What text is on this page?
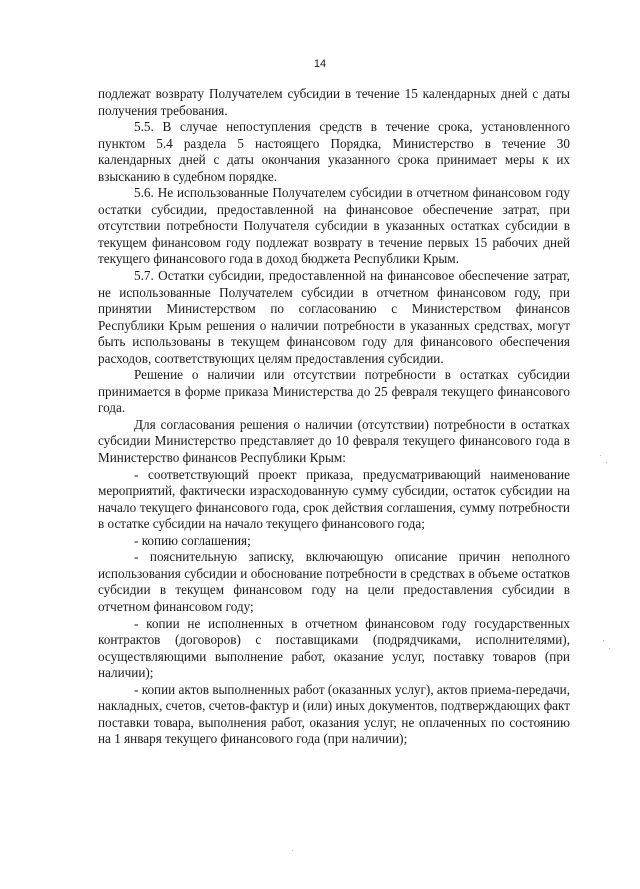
14

подлежат возврату Получателем субсидии в течение 15 календарных дней с даты получения требования.

5.5. В случае непоступления средств в течение срока, установленного пунктом 5.4 раздела 5 настоящего Порядка, Министерство в течение 30 календарных дней с даты окончания указанного срока принимает меры к их взысканию в судебном порядке.

5.6. Не использованные Получателем субсидии в отчетном финансовом году остатки субсидии, предоставленной на финансовое обеспечение затрат, при отсутствии потребности Получателя субсидии в указанных остатках субсидии в текущем финансовом году подлежат возврату в течение первых 15 рабочих дней текущего финансового года в доход бюджета Республики Крым.

5.7. Остатки субсидии, предоставленной на финансовое обеспечение затрат, не использованные Получателем субсидии в отчетном финансовом году, при принятии Министерством по согласованию с Министерством финансов Республики Крым решения о наличии потребности в указанных средствах, могут быть использованы в текущем финансовом году для финансового обеспечения расходов, соответствующих целям предоставления субсидии.

Решение о наличии или отсутствии потребности в остатках субсидии принимается в форме приказа Министерства до 25 февраля текущего финансового года.

Для согласования решения о наличии (отсутствии) потребности в остатках субсидии Министерство представляет до 10 февраля текущего финансового года в Министерство финансов Республики Крым:

- соответствующий проект приказа, предусматривающий наименование мероприятий, фактически израсходованную сумму субсидии, остаток субсидии на начало текущего финансового года, срок действия соглашения, сумму потребности в остатке субсидии на начало текущего финансового года;

- копию соглашения;

- пояснительную записку, включающую описание причин неполного использования субсидии и обоснование потребности в средствах в объеме остатков субсидии в текущем финансовом году на цели предоставления субсидии в отчетном финансовом году;

- копии не исполненных в отчетном финансовом году государственных контрактов (договоров) с поставщиками (подрядчиками, исполнителями), осуществляющими выполнение работ, оказание услуг, поставку товаров (при наличии);

- копии актов выполненных работ (оказанных услуг), актов приема-передачи, накладных, счетов, счетов-фактур и (или) иных документов, подтверждающих факт поставки товара, выполнения работ, оказания услуг, не оплаченных по состоянию на 1 января текущего финансового года (при наличии);
